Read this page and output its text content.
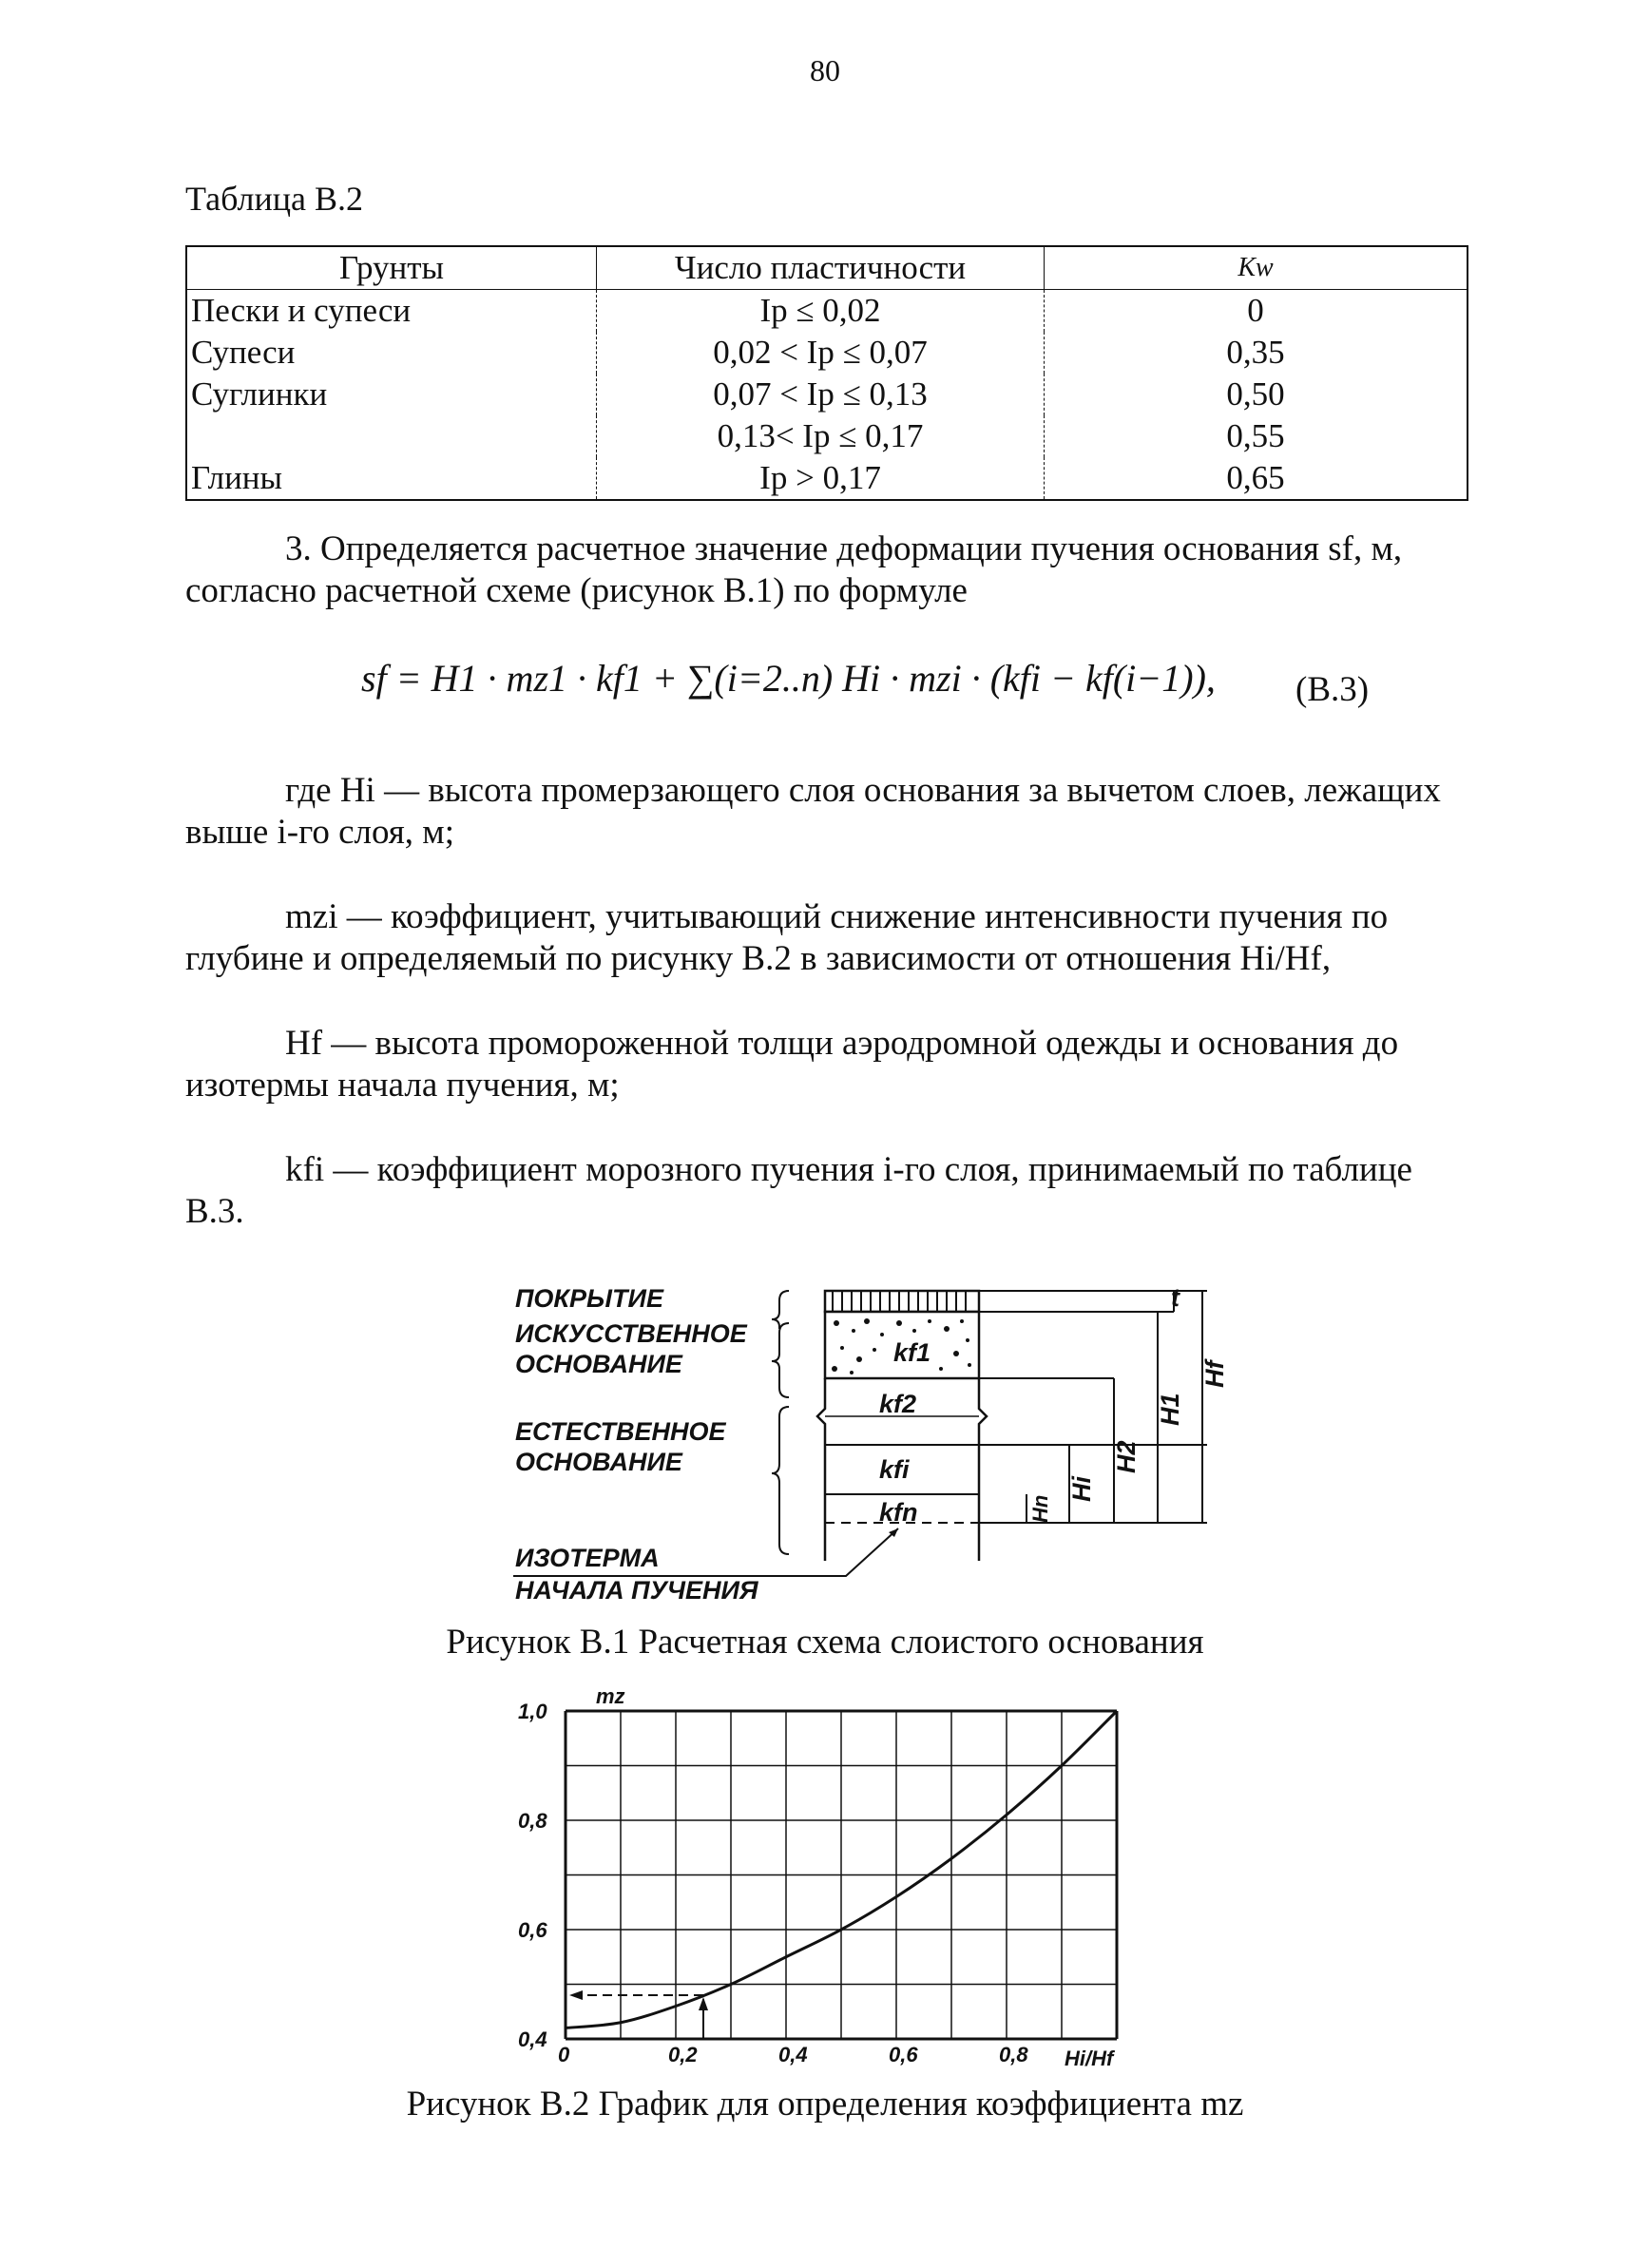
80
Таблица В.2
Грунты	Число пластичности	Kw
Пески и супеси	Ip ≤ 0,02	0
Супеси	0,02 < Ip ≤ 0,07	0,35
Суглинки	0,07 < Ip ≤ 0,13	0,50
	0,13< Ip ≤ 0,17	0,55
Глины	Ip > 0,17	0,65
3. Определяется расчетное значение деформации пучения основания sf, м, согласно расчетной схеме (рисунок В.1) по формуле
sf = H1 · mz1 · kf1 + ∑(i=2..n) Hi · mzi · (kfi − kf(i−1)), (В.3)
где Hi — высота промерзающего слоя основания за вычетом слоев, лежащих выше i-го слоя, м;
mzi — коэффициент, учитывающий снижение интенсивности пучения по глубине и определяемый по рисунку В.2 в зависимости от отношения Hi/Hf,
Hf — высота промороженной толщи аэродромной одежды и основания до изотермы начала пучения, м;
kfi — коэффициент морозного пучения i-го слоя, принимаемый по таблице В.3.
ПОКРЫТИЕ
ИСКУССТВЕННОЕ
ОСНОВАНИЕ
ЕСТЕСТВЕННОЕ
ОСНОВАНИЕ
ИЗОТЕРМА
НАЧАЛА ПУЧЕНИЯ
kf1
kf2
kfi
kfn
t
Hf
H1
H2
Hi
Hn
Рисунок В.1 Расчетная схема слоистого основания
0	0,2	0,4	0,6	0,8
0,4
0,6
0,8
1,0
mz
Hi/Hf
Рисунок В.2 График для определения коэффициента mz
